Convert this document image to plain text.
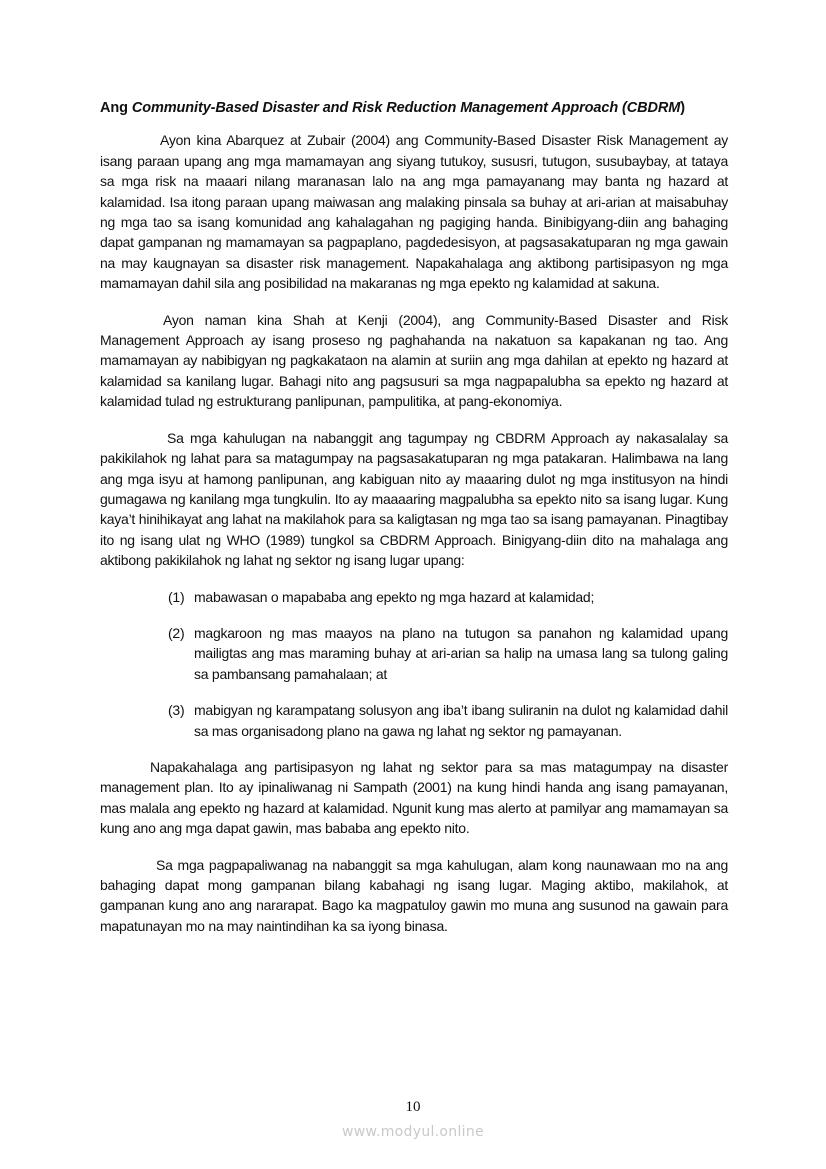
Ang Community-Based Disaster and Risk Reduction Management Approach (CBDRM)

Ayon kina Abarquez at Zubair (2004) ang Community-Based Disaster Risk Management ay isang paraan upang ang mga mamamayan ang siyang tutukoy, sususri, tutugon, susubaybay, at tataya sa mga risk na maaari nilang maranasan lalo na ang mga pamayanang may banta ng hazard at kalamidad. Isa itong paraan upang maiwasan ang malaking pinsala sa buhay at ari-arian at maisabuhay ng mga tao sa isang komunidad ang kahalagahan ng pagiging handa. Binibigyang-diin ang bahaging dapat gampanan ng mamamayan sa pagpaplano, pagdedesisyon, at pagsasakatuparan ng mga gawain na may kaugnayan sa disaster risk management. Napakahalaga ang aktibong partisipasyon ng mga mamamayan dahil sila ang posibilidad na makaranas ng mga epekto ng kalamidad at sakuna.

Ayon naman kina Shah at Kenji (2004), ang Community-Based Disaster and Risk Management Approach ay isang proseso ng paghahanda na nakatuon sa kapakanan ng tao. Ang mamamayan ay nabibigyan ng pagkakataon na alamin at suriin ang mga dahilan at epekto ng hazard at kalamidad sa kanilang lugar. Bahagi nito ang pagsusuri sa mga nagpapalubha sa epekto ng hazard at kalamidad tulad ng estrukturang panlipunan, pampulitika, at pang-ekonomiya.

Sa mga kahulugan na nabanggit ang tagumpay ng CBDRM Approach ay nakasalalay sa pakikilahok ng lahat para sa matagumpay na pagsasakatuparan ng mga patakaran. Halimbawa na lang ang mga isyu at hamong panlipunan, ang kabiguan nito ay maaaring dulot ng mga institusyon na hindi gumagawa ng kanilang mga tungkulin. Ito ay maaaaring magpalubha sa epekto nito sa isang lugar. Kung kaya’t hinihikayat ang lahat na makilahok para sa kaligtasan ng mga tao sa isang pamayanan. Pinagtibay ito ng isang ulat ng WHO (1989) tungkol sa CBDRM Approach. Binigyang-diin dito na mahalaga ang aktibong pakikilahok ng lahat ng sektor ng isang lugar upang:

(1) mabawasan o mapababa ang epekto ng mga hazard at kalamidad;
(2) magkaroon ng mas maayos na plano na tutugon sa panahon ng kalamidad upang mailigtas ang mas maraming buhay at ari-arian sa halip na umasa lang sa tulong galing sa pambansang pamahalaan; at
(3) mabigyan ng karampatang solusyon ang iba’t ibang suliranin na dulot ng kalamidad dahil sa mas organisadong plano na gawa ng lahat ng sektor ng pamayanan.

Napakahalaga ang partisipasyon ng lahat ng sektor para sa mas matagumpay na disaster management plan. Ito ay ipinaliwanag ni Sampath (2001) na kung hindi handa ang isang pamayanan, mas malala ang epekto ng hazard at kalamidad. Ngunit kung mas alerto at pamilyar ang mamamayan sa kung ano ang mga dapat gawin, mas bababa ang epekto nito.

Sa mga pagpapaliwanag na nabanggit sa mga kahulugan, alam kong naunawaan mo na ang bahaging dapat mong gampanan bilang kabahagi ng isang lugar. Maging aktibo, makilahok, at gampanan kung ano ang nararapat. Bago ka magpatuloy gawin mo muna ang susunod na gawain para mapatunayan mo na may naintindihan ka sa iyong binasa.

10
www.modyul.online
